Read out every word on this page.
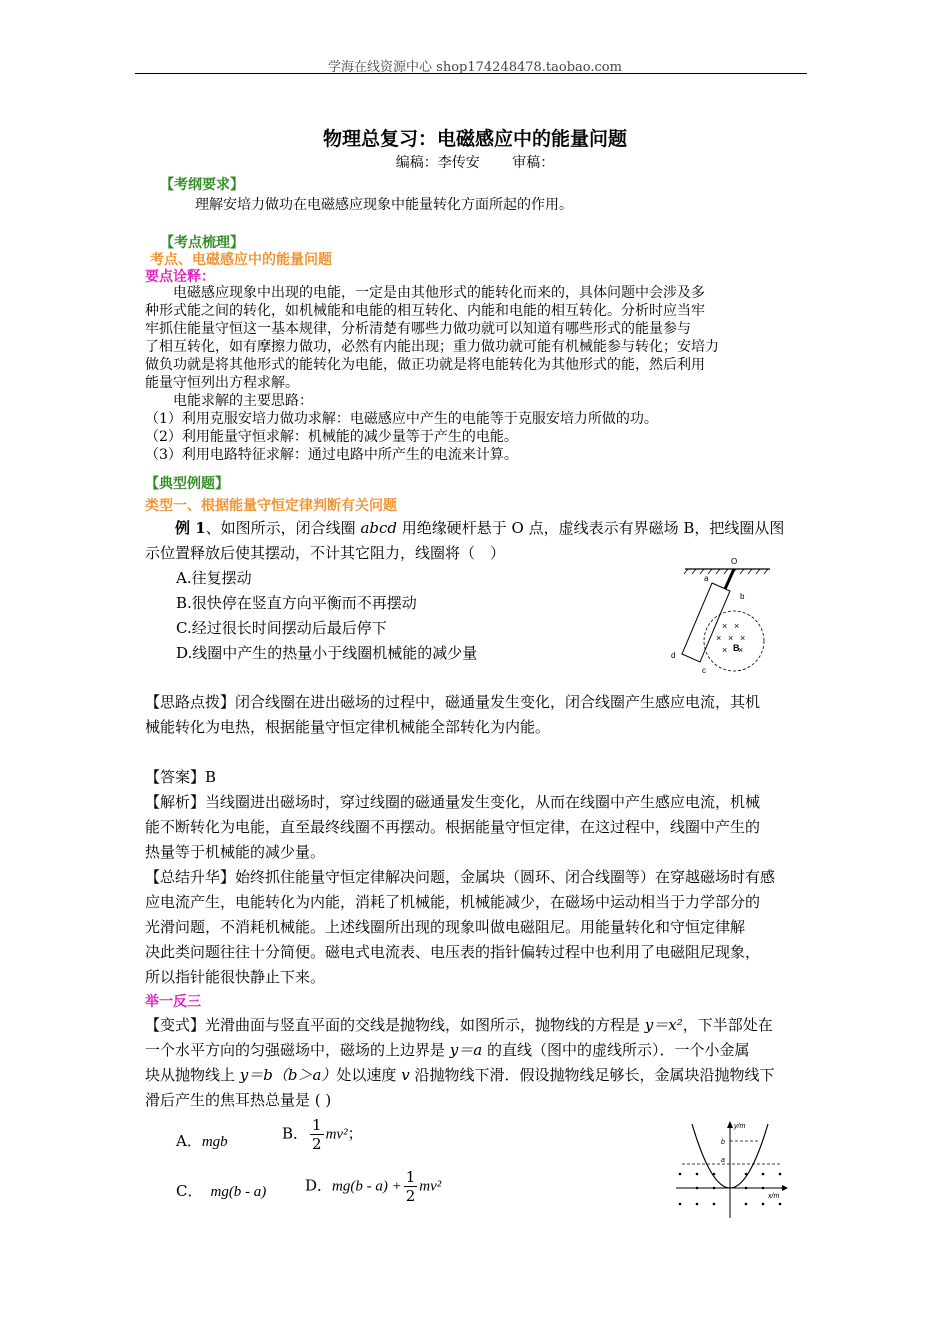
学海在线资源中心 shop174248478.taobao.com
物理总复习：电磁感应中的能量问题
编稿：李传安 审稿：
【考纲要求】
理解安培力做功在电磁感应现象中能量转化方面所起的作用。
【考点梳理】
考点、电磁感应中的能量问题
要点诠释：
电磁感应现象中出现的电能，一定是由其他形式的能转化而来的，具体问题中会涉及多
种形式能之间的转化，如机械能和电能的相互转化、内能和电能的相互转化。分析时应当牢
牢抓住能量守恒这一基本规律，分析清楚有哪些力做功就可以知道有哪些形式的能量参与
了相互转化，如有摩擦力做功，必然有内能出现；重力做功就可能有机械能参与转化；安培力
做负功就是将其他形式的能转化为电能，做正功就是将电能转化为其他形式的能，然后利用
能量守恒列出方程求解。
电能求解的主要思路：
（1）利用克服安培力做功求解：电磁感应中产生的电能等于克服安培力所做的功。
（2）利用能量守恒求解：机械能的减少量等于产生的电能。
（3）利用电路特征求解：通过电路中所产生的电流来计算。
【典型例题】
类型一、根据能量守恒定律判断有关问题
例 1、如图所示，闭合线圈 abcd 用绝缘硬杆悬于 O 点，虚线表示有界磁场 B，把线圈从图
示位置释放后使其摆动，不计其它阻力，线圈将（　）
A.往复摆动
B.很快停在竖直方向平衡而不再摆动
C.经过很长时间摆动后最后停下
D.线圈中产生的热量小于线圈机械能的减少量
O
× ×
× × ×
× ×
a
b
c
d
B
【思路点拨】闭合线圈在进出磁场的过程中，磁通量发生变化，闭合线圈产生感应电流，其机
械能转化为电热，根据能量守恒定律机械能全部转化为内能。
【答案】B
【解析】当线圈进出磁场时，穿过线圈的磁通量发生变化，从而在线圈中产生感应电流，机械
能不断转化为电能，直至最终线圈不再摆动。根据能量守恒定律，在这过程中，线圈中产生的
热量等于机械能的减少量。
【总结升华】始终抓住能量守恒定律解决问题，金属块（圆环、闭合线圈等）在穿越磁场时有感
应电流产生，电能转化为内能，消耗了机械能，机械能减少，在磁场中运动相当于力学部分的
光滑问题，不消耗机械能。上述线圈所出现的现象叫做电磁阻尼。用能量转化和守恒定律解
决此类问题往往十分简便。磁电式电流表、电压表的指针偏转过程中也利用了电磁阻尼现象，
所以指针能很快静止下来。
举一反三
【变式】光滑曲面与竖直平面的交线是抛物线，如图所示，抛物线的方程是 y＝x²，下半部处在
一个水平方向的匀强磁场中，磁场的上边界是 y＝a 的直线（图中的虚线所示）．一个小金属
块从抛物线上 y＝b（b＞a）处以速度 v 沿抛物线下滑．假设抛物线足够长，金属块沿抛物线下
滑后产生的焦耳热总量是 ( )
A．mgb	B． $\frac{1}{2} mv^2$；
C． mg(b - a)	D．$mg(b - a) + \frac{1}{2} mv^2$
y/m
x/m
b
a
